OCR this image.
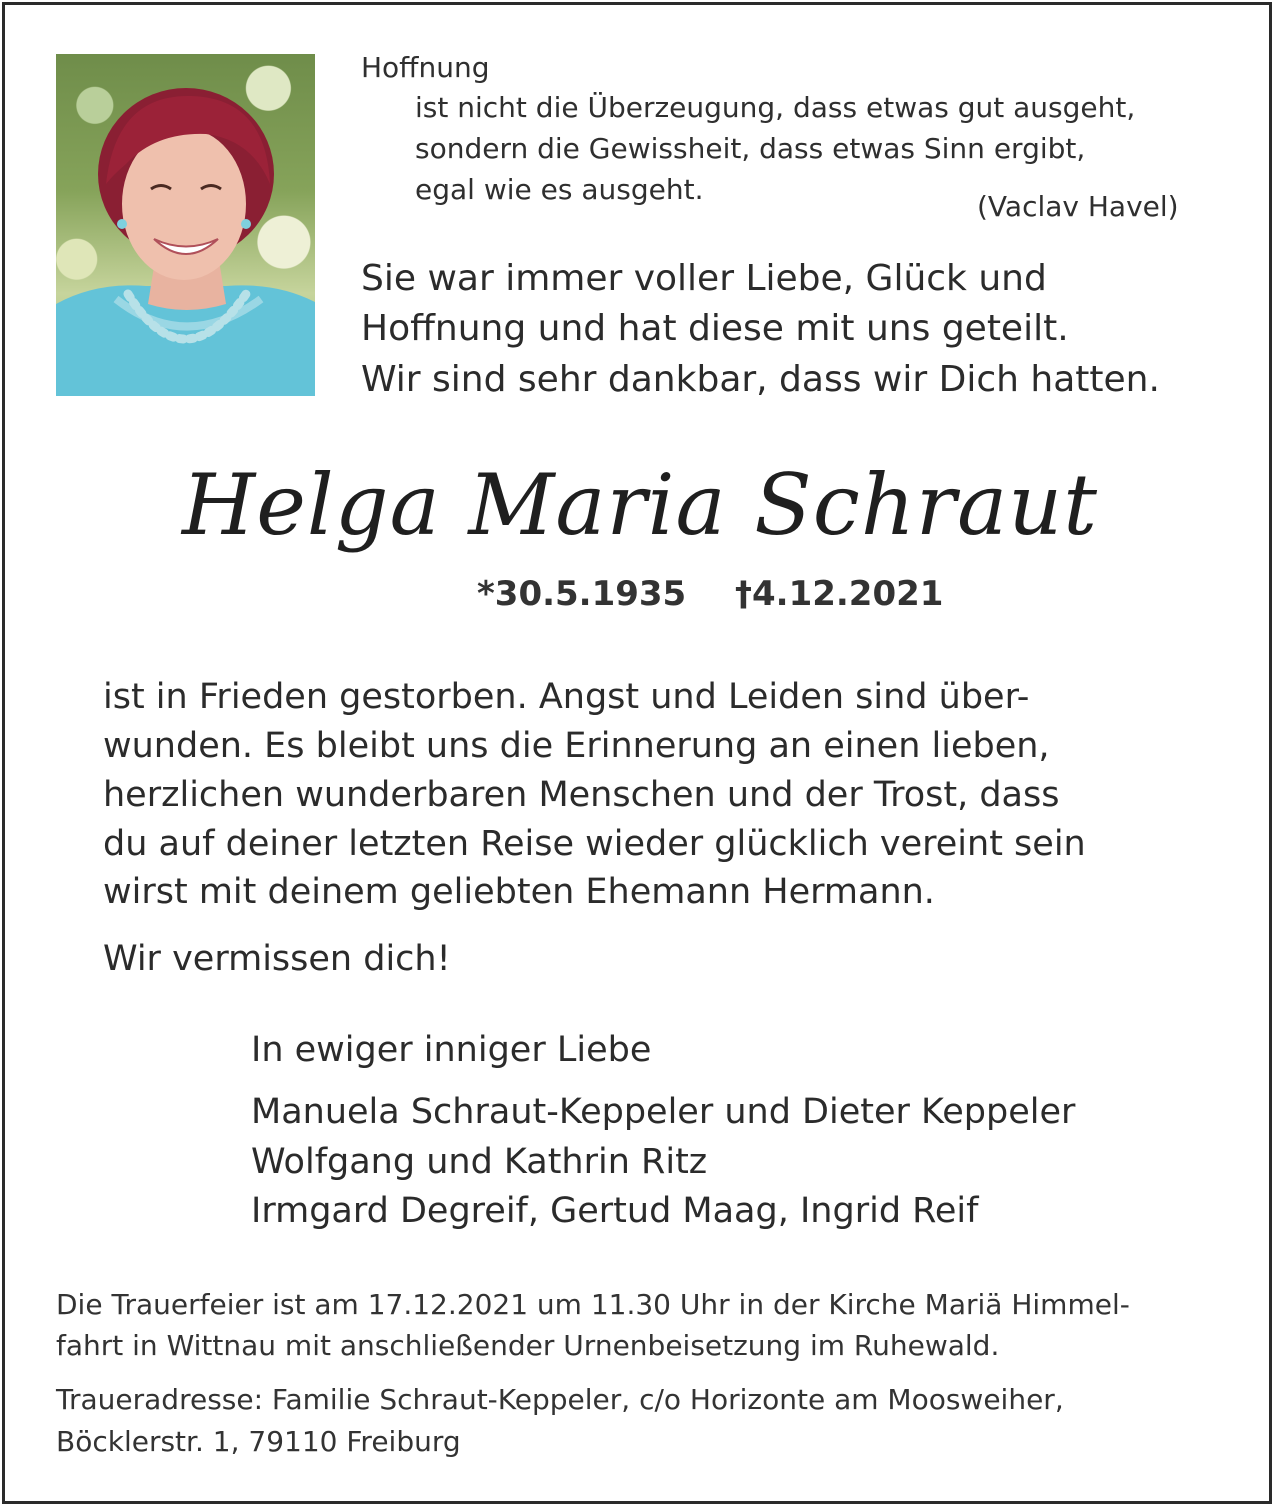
Hoffnung
ist nicht die Überzeugung, dass etwas gut ausgeht,
sondern die Gewissheit, dass etwas Sinn ergibt,
egal wie es ausgeht.
(Vaclav Havel)
Sie war immer voller Liebe, Glück und
Hoffnung und hat diese mit uns geteilt.
Wir sind sehr dankbar, dass wir Dich hatten.
Helga Maria Schraut
*30.5.1935 †4.12.2021
ist in Frieden gestorben. Angst und Leiden sind über-
wunden. Es bleibt uns die Erinnerung an einen lieben,
herzlichen wunderbaren Menschen und der Trost, dass
du auf deiner letzten Reise wieder glücklich vereint sein
wirst mit deinem geliebten Ehemann Hermann.
Wir vermissen dich!
In ewiger inniger Liebe
Manuela Schraut-Keppeler und Dieter Keppeler
Wolfgang und Kathrin Ritz
Irmgard Degreif, Gertud Maag, Ingrid Reif
Die Trauerfeier ist am 17.12.2021 um 11.30 Uhr in der Kirche Mariä Himmel-
fahrt in Wittnau mit anschließender Urnenbeisetzung im Ruhewald.
Traueradresse: Familie Schraut-Keppeler, c/o Horizonte am Moosweiher,
Böcklerstr. 1, 79110 Freiburg
